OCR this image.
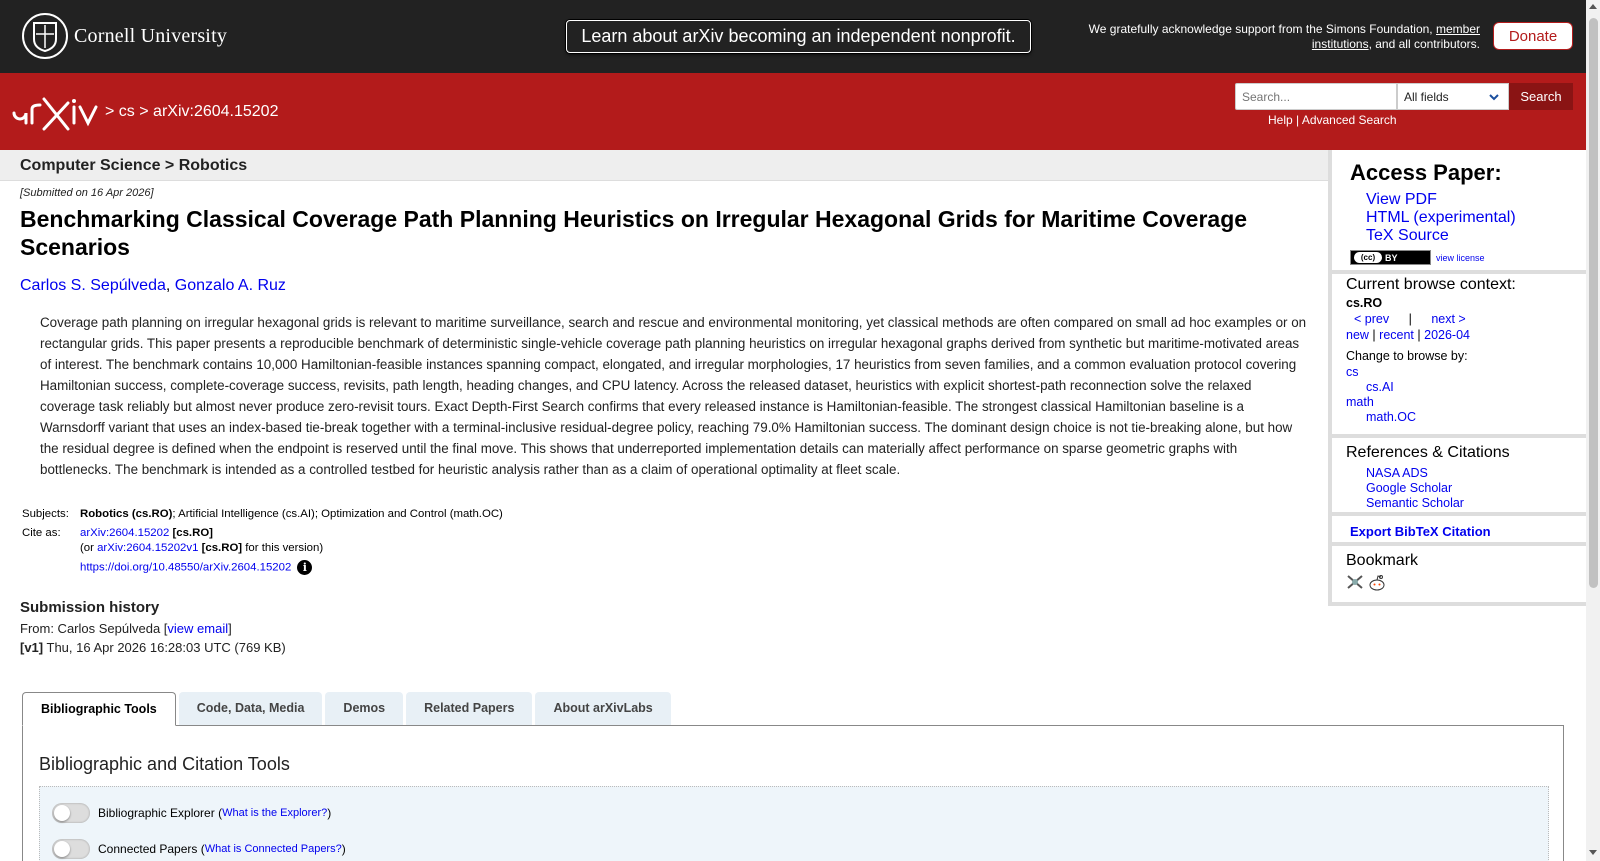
Cornell University	Learn about arXiv becoming an independent nonprofit.	We gratefully acknowledge support from the Simons Foundation, member institutions, and all contributors.	Donate
> cs > arXiv:2604.15202
Search...
All fields	Search
Help | Advanced Search
Computer Science > Robotics
[Submitted on 16 Apr 2026]
Benchmarking Classical Coverage Path Planning Heuristics on Irregular Hexagonal Grids for Maritime Coverage Scenarios
Carlos S. Sepúlveda, Gonzalo A. Ruz
Coverage path planning on irregular hexagonal grids is relevant to maritime surveillance, search and rescue and environmental monitoring, yet classical methods are often compared on small ad hoc examples or on rectangular grids. This paper presents a reproducible benchmark of deterministic single-vehicle coverage path planning heuristics on irregular hexagonal graphs derived from synthetic but maritime-motivated areas of interest. The benchmark contains 10,000 Hamiltonian-feasible instances spanning compact, elongated, and irregular morphologies, 17 heuristics from seven families, and a common evaluation protocol covering Hamiltonian success, complete-coverage success, revisits, path length, heading changes, and CPU latency. Across the released dataset, heuristics with explicit shortest-path reconnection solve the relaxed coverage task reliably but almost never produce zero-revisit tours. Exact Depth-First Search confirms that every released instance is Hamiltonian-feasible. The strongest classical Hamiltonian baseline is a Warnsdorff variant that uses an index-based tie-break together with a terminal-inclusive residual-degree policy, reaching 79.0% Hamiltonian success. The dominant design choice is not tie-breaking alone, but how the residual degree is defined when the endpoint is reserved until the final move. This shows that underreported implementation details can materially affect performance on sparse geometric graphs with bottlenecks. The benchmark is intended as a controlled testbed for heuristic analysis rather than as a claim of operational optimality at fleet scale.
Subjects:	Robotics (cs.RO); Artificial Intelligence (cs.AI); Optimization and Control (math.OC)
Cite as:	arXiv:2604.15202 [cs.RO]
(or arXiv:2604.15202v1 [cs.RO] for this version)
https://doi.org/10.48550/arXiv.2604.15202 i
Submission history
From: Carlos Sepúlveda [view email]
[v1] Thu, 16 Apr 2026 16:28:03 UTC (769 KB)
Access Paper:
View PDF
HTML (experimental)
TeX Source
(cc)	BY	view license
Current browse context:
cs.RO
< prev | next >
new | recent | 2026-04
Change to browse by:
cs
cs.AI
math
math.OC
References & Citations
NASA ADS
Google Scholar
Semantic Scholar
Export BibTeX Citation
Bookmark
Bibliographic Tools	Code, Data, Media	Demos	Related Papers	About arXivLabs
Bibliographic and Citation Tools
Bibliographic Explorer
( What is the Explorer? )
Connected Papers
( What is Connected Papers? )
